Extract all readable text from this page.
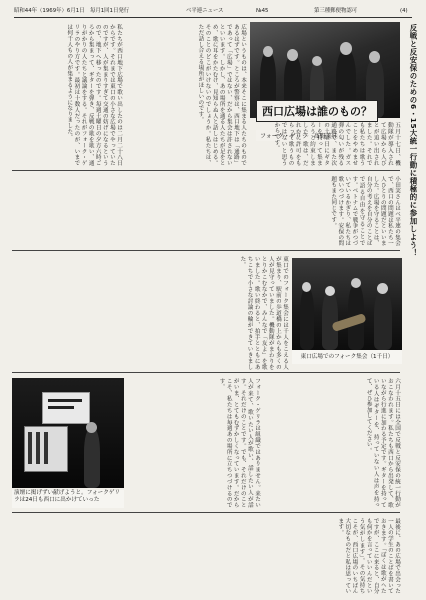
昭和44年（1969年）6月1日　毎月1回1日発行	ベ平連ニュース	№45	第三種郵便物認可	(4)
反戦と反安保のための6・15大統一行動に積極的に参加しよう！
西口広場は誰のもの？
フォーク・ゲリラ　髙野美佳
私たちが西口地下広場で歌い出したのは二月二十八日からです。それまでは東口の小さな広場でやっていたのですが、人が集まりすぎて交通の妨げになるというので、地下へ移ったのです。毎週土曜日の夕方六時ごろから集まって、ギターを弾き、反戦の歌を歌い、通りがかりの人たちと議論をする。それがフォーク・ゲリラのやり方です。最初は十数人だったのが、いまでは何千人もの人が集まるようになりました。	広場というものは、本来そこに集まる人たちのものであるはずです。ところが警察は、西口地下は「通路」であって「広場」ではない、だから集会は許されないといいます。しかし、あの場所を通る人たちが足をとめ、歌に耳をかたむけ、見知らぬ人と話しはじめる。そのことのどこがいけないのでしょうか。私たちは、ただ話し合える場所がほしいのです。
五月十七日、機動隊が導入されて広場から人びとが追い出されました。それでも私たちは歌うことをやめませんでした。ガス弾の匂いが残る通路で、また次の土曜日にギターを持って集まろうと約束しました。歌は、だれかに許可をもらって歌うものではないと思うからです。
小田実さんはベ平連の集会で、西口の問題は私たち一人ひとりの問題だといいました。広場を守ることは、自分の考えを自分のことばで語る自由を守ることです。ベトナムで戦争がつづいているかぎり、私たちは歌いつづけます。安保の問題もまた同じです。
東口でのフォーク集会には千人をこえる人が集まり、駅前の歩道橋の上からも多くの人が見守っていました。機動隊がまわりをとりかこむなかで、みんなで「友よ」を歌いました。歌い終わると、拍手とともにあちこちで小さな討論の輪ができていきました。
東口広場でのフォーク集会（1千日）
演壇に掲げずい献げようと。フォークゲリラは24日も西口に出かけていった	フォーク・ゲリラは組織ではありません。来たい人が来て、歌いたい人が歌い、話したい人が話す。それだけのことです。でも、それだけのことがいま、とてもむずかしくなっています。だからこそ、私たちは毎週あの場所に立ちつづけるのです。	六月十五日には全国で反戦と反安保の統一行動がおこなわれます。私たちも西口から出発して、歌いながら行進に加わる予定です。ギターを持っている人はギターを、持っていない人は声を持って、ぜひ参加してください。
最後に、あの広場で出会った一人の学生のことばを書いておきます。「ぼくは歌がへたですが、ここに来ると、自分も何かを言っていいんだという気がします」。その気持ちこそが、西口広場のいちばん大切なものだと私は思っています。
